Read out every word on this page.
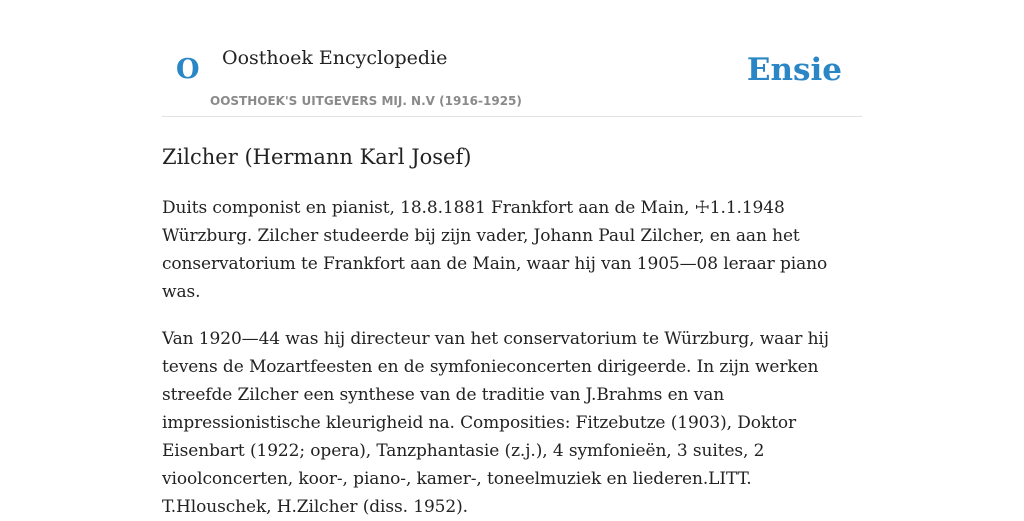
O Oosthoek Encyclopedie
OOSTHOEK'S UITGEVERS MIJ. N.V (1916-1925)
Ensie
Zilcher (Hermann Karl Josef)

Duits componist en pianist, 18.8.1881 Frankfort aan de Main, ☩1.1.1948 Würzburg. Zilcher studeerde bij zijn vader, Johann Paul Zilcher, en aan het conservatorium te Frankfort aan de Main, waar hij van 1905—08 leraar piano was.

Van 1920—44 was hij directeur van het conservatorium te Würzburg, waar hij tevens de Mozartfeesten en de symfonieconcerten dirigeerde. In zijn werken streefde Zilcher een synthese van de traditie van J.Brahms en van impressionistische kleurigheid na. Composities: Fitzebutze (1903), Doktor Eisenbart (1922; opera), Tanzphantasie (z.j.), 4 symfonieën, 3 suites, 2 vioolconcerten, koor-, piano-, kamer-, toneelmuziek en liederen.LITT. T.Hlouschek, H.Zilcher (diss. 1952).
